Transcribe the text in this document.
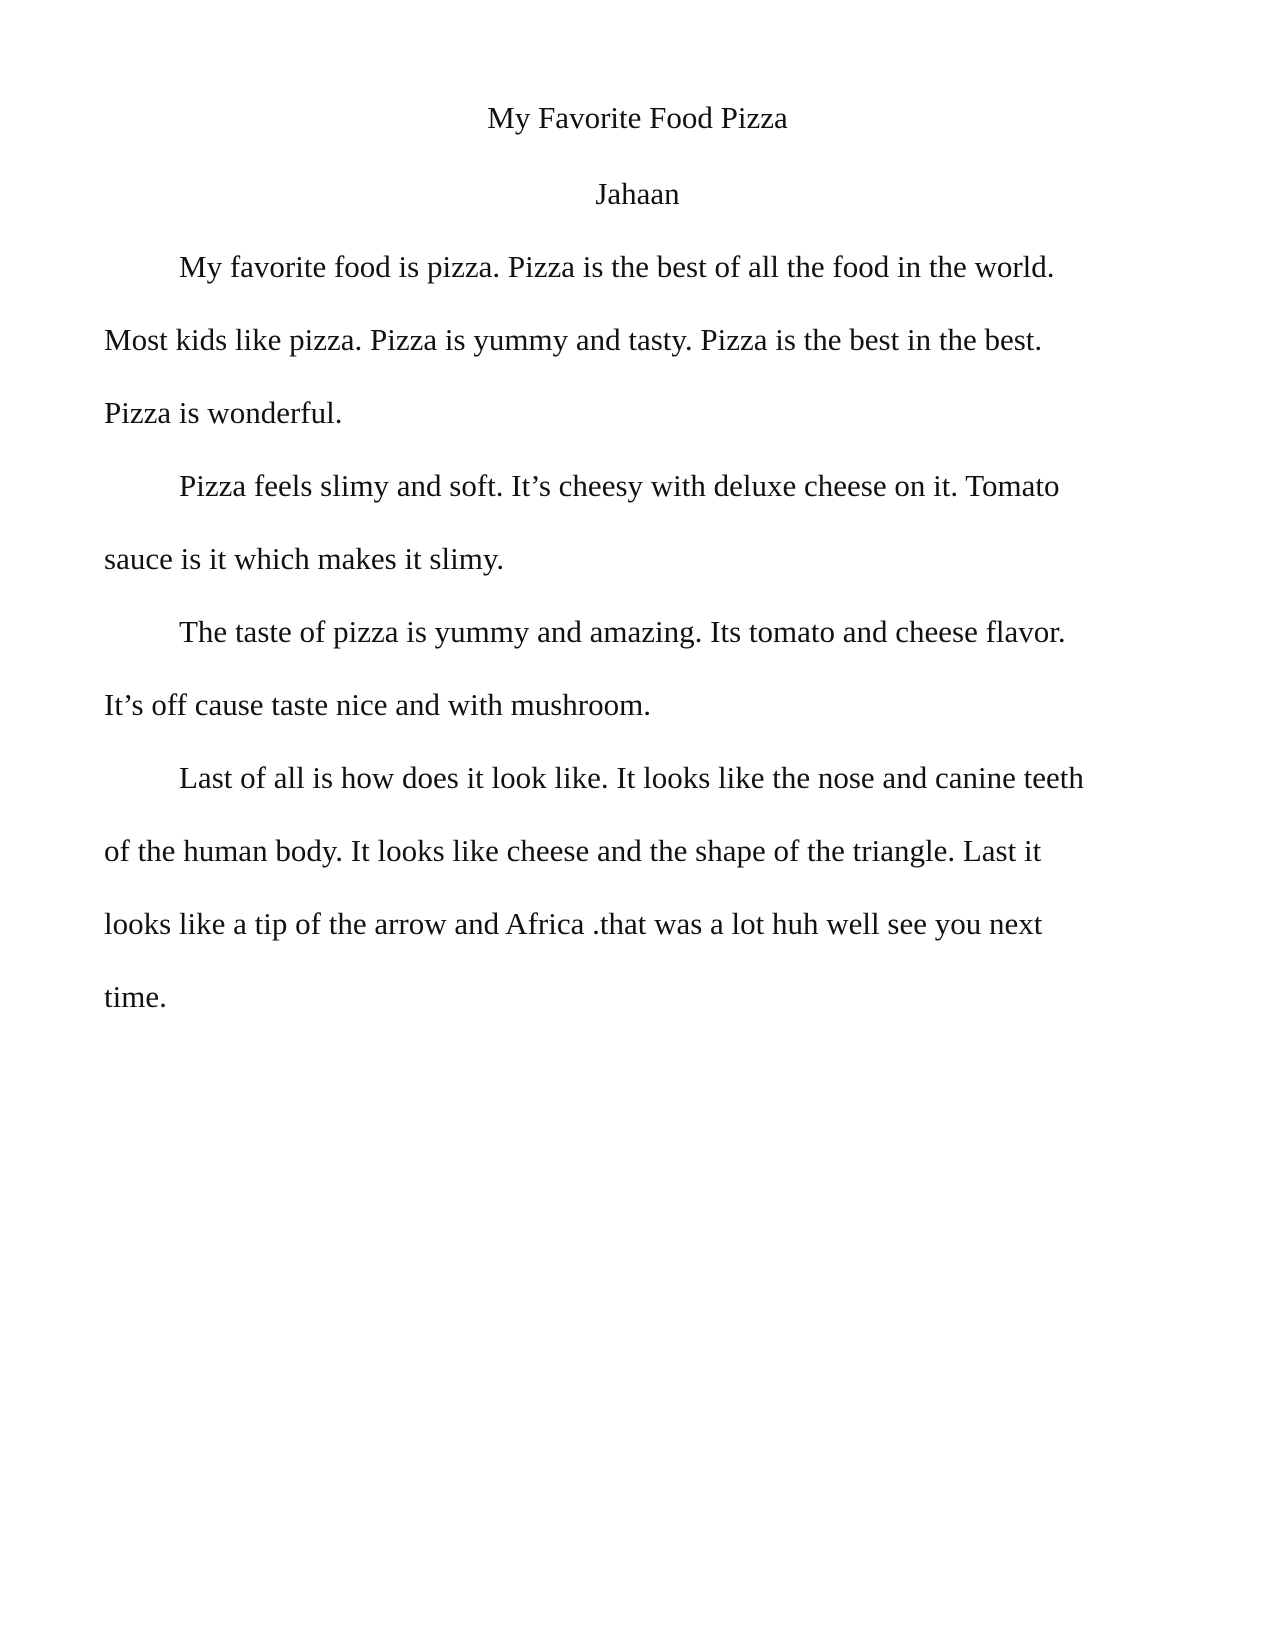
My Favorite Food Pizza

Jahaan

My favorite food is pizza. Pizza is the best of all the food in the world.

Most kids like pizza. Pizza is yummy and tasty. Pizza is the best in the best.

Pizza is wonderful.

Pizza feels slimy and soft. It’s cheesy with deluxe cheese on it. Tomato

sauce is it which makes it slimy.

The taste of pizza is yummy and amazing. Its tomato and cheese flavor.

It’s off cause taste nice and with mushroom.

Last of all is how does it look like. It looks like the nose and canine teeth

of the human body. It looks like cheese and the shape of the triangle. Last it

looks like a tip of the arrow and Africa .that was a lot huh well see you next

time.
